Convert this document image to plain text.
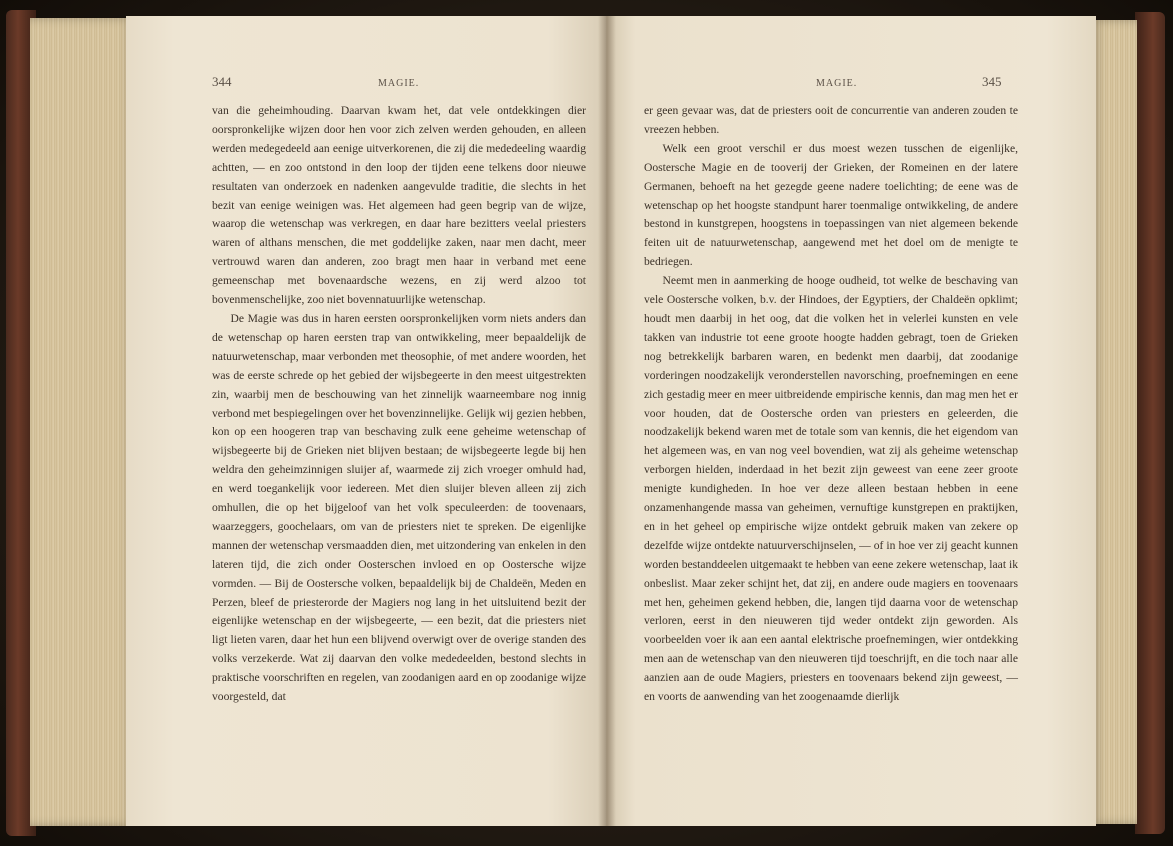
344	MAGIE.

van die geheimhouding. Daarvan kwam het, dat vele ontdekkingen dier oorspronkelijke wijzen door hen voor zich zelven werden gehouden, en alleen werden medegedeeld aan eenige uitverkorenen, die zij die mededeeling waardig achtten, — en zoo ontstond in den loop der tijden eene telkens door nieuwe resultaten van onderzoek en nadenken aangevulde traditie, die slechts in het bezit van eenige weinigen was. Het algemeen had geen begrip van de wijze, waarop die wetenschap was verkregen, en daar hare bezitters veelal priesters waren of althans menschen, die met goddelijke zaken, naar men dacht, meer vertrouwd waren dan anderen, zoo bragt men haar in verband met eene gemeenschap met bovenaardsche wezens, en zij werd alzoo tot bovenmenschelijke, zoo niet bovennatuurlijke wetenschap.

De Magie was dus in haren eersten oorspronkelijken vorm niets anders dan de wetenschap op haren eersten trap van ontwikkeling, meer bepaaldelijk de natuurwetenschap, maar verbonden met theosophie, of met andere woorden, het was de eerste schrede op het gebied der wijsbegeerte in den meest uitgestrekten zin, waarbij men de beschouwing van het zinnelijk waarneembare nog innig verbond met bespiegelingen over het bovenzinnelijke. Gelijk wij gezien hebben, kon op een hoogeren trap van beschaving zulk eene geheime wetenschap of wijsbegeerte bij de Grieken niet blijven bestaan; de wijsbegeerte legde bij hen weldra den geheimzinnigen sluijer af, waarmede zij zich vroeger omhuld had, en werd toegankelijk voor iedereen. Met dien sluijer bleven alleen zij zich omhullen, die op het bijgeloof van het volk speculeerden: de toovenaars, waarzeggers, goochelaars, om van de priesters niet te spreken. De eigenlijke mannen der wetenschap versmaadden dien, met uitzondering van enkelen in den lateren tijd, die zich onder Oosterschen invloed en op Oostersche wijze vormden. — Bij de Oostersche volken, bepaaldelijk bij de Chaldeën, Meden en Perzen, bleef de priesterorde der Magiers nog lang in het uitsluitend bezit der eigenlijke wetenschap en der wijsbegeerte, — een bezit, dat die priesters niet ligt lieten varen, daar het hun een blijvend overwigt over de overige standen des volks verzekerde. Wat zij daarvan den volke mededeelden, bestond slechts in praktische voorschriften en regelen, van zoodanigen aard en op zoodanige wijze voorgesteld, dat

MAGIE.	345

er geen gevaar was, dat de priesters ooit de concurrentie van anderen zouden te vreezen hebben.

Welk een groot verschil er dus moest wezen tusschen de eigenlijke, Oostersche Magie en de tooverij der Grieken, der Romeinen en der latere Germanen, behoeft na het gezegde geene nadere toelichting; de eene was de wetenschap op het hoogste standpunt harer toenmalige ontwikkeling, de andere bestond in kunstgrepen, hoogstens in toepassingen van niet algemeen bekende feiten uit de natuurwetenschap, aangewend met het doel om de menigte te bedriegen.

Neemt men in aanmerking de hooge oudheid, tot welke de beschaving van vele Oostersche volken, b.v. der Hindoes, der Egyptiers, der Chaldeën opklimt; houdt men daarbij in het oog, dat die volken het in velerlei kunsten en vele takken van industrie tot eene groote hoogte hadden gebragt, toen de Grieken nog betrekkelijk barbaren waren, en bedenkt men daarbij, dat zoodanige vorderingen noodzakelijk veronderstellen navorsching, proefnemingen en eene zich gestadig meer en meer uitbreidende empirische kennis, dan mag men het er voor houden, dat de Oostersche orden van priesters en geleerden, die noodzakelijk bekend waren met de totale som van kennis, die het eigendom van het algemeen was, en van nog veel bovendien, wat zij als geheime wetenschap verborgen hielden, inderdaad in het bezit zijn geweest van eene zeer groote menigte kundigheden. In hoe ver deze alleen bestaan hebben in eene onzamenhangende massa van geheimen, vernuftige kunstgrepen en praktijken, en in het geheel op empirische wijze ontdekt gebruik maken van zekere op dezelfde wijze ontdekte natuurverschijnselen, — of in hoe ver zij geacht kunnen worden bestanddeelen uitgemaakt te hebben van eene zekere wetenschap, laat ik onbeslist. Maar zeker schijnt het, dat zij, en andere oude magiers en toovenaars met hen, geheimen gekend hebben, die, langen tijd daarna voor de wetenschap verloren, eerst in den nieuweren tijd weder ontdekt zijn geworden. Als voorbeelden voer ik aan een aantal elektrische proefnemingen, wier ontdekking men aan de wetenschap van den nieuweren tijd toeschrijft, en die toch naar alle aanzien aan de oude Magiers, priesters en toovenaars bekend zijn geweest, — en voorts de aanwending van het zoogenaamde dierlijk
